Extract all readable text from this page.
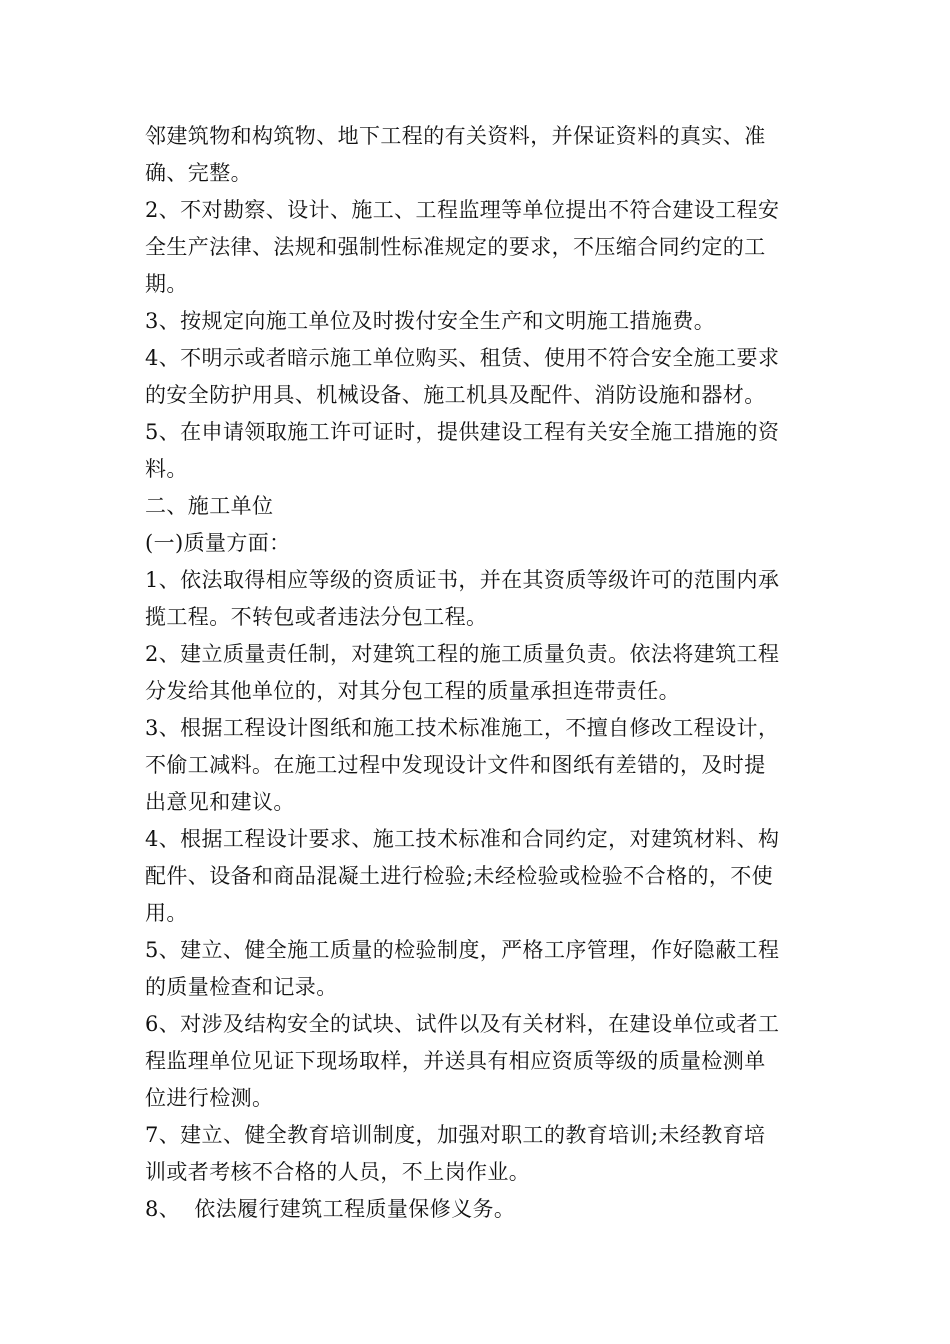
邻建筑物和构筑物、地下工程的有关资料，并保证资料的真实、准
确、完整。
2、不对勘察、设计、施工、工程监理等单位提出不符合建设工程安
全生产法律、法规和强制性标准规定的要求，不压缩合同约定的工
期。
3、按规定向施工单位及时拨付安全生产和文明施工措施费。
4、不明示或者暗示施工单位购买、租赁、使用不符合安全施工要求
的安全防护用具、机械设备、施工机具及配件、消防设施和器材。
5、在申请领取施工许可证时，提供建设工程有关安全施工措施的资
料。
二、施工单位
(一)质量方面：
1、依法取得相应等级的资质证书，并在其资质等级许可的范围内承
揽工程。不转包或者违法分包工程。
2、建立质量责任制，对建筑工程的施工质量负责。依法将建筑工程
分发给其他单位的，对其分包工程的质量承担连带责任。
3、根据工程设计图纸和施工技术标准施工，不擅自修改工程设计，
不偷工减料。在施工过程中发现设计文件和图纸有差错的，及时提
出意见和建议。
4、根据工程设计要求、施工技术标准和合同约定，对建筑材料、构
配件、设备和商品混凝土进行检验;未经检验或检验不合格的，不使
用。
5、建立、健全施工质量的检验制度，严格工序管理，作好隐蔽工程
的质量检查和记录。
6、对涉及结构安全的试块、试件以及有关材料，在建设单位或者工
程监理单位见证下现场取样，并送具有相应资质等级的质量检测单
位进行检测。
7、建立、健全教育培训制度，加强对职工的教育培训;未经教育培
训或者考核不合格的人员，不上岗作业。
8、  依法履行建筑工程质量保修义务。
